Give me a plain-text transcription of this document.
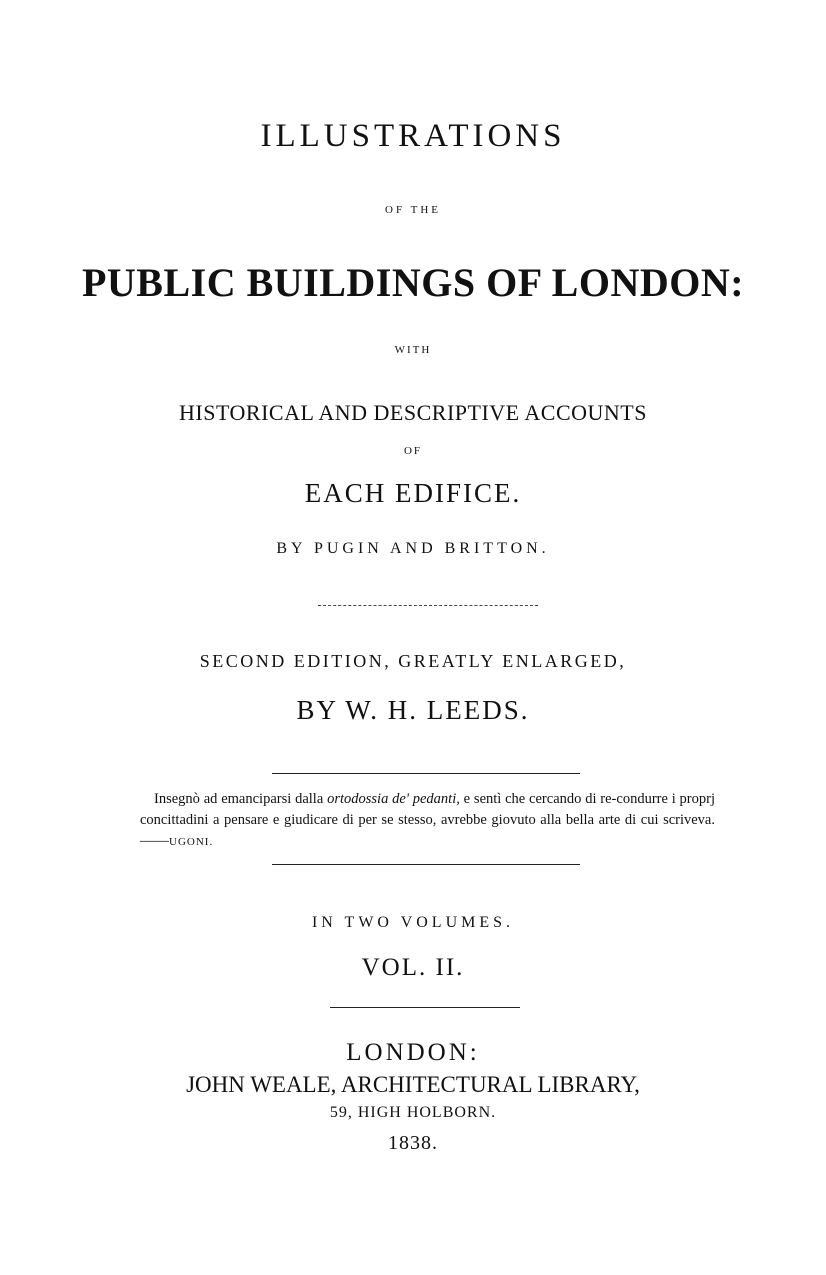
ILLUSTRATIONS
OF THE
PUBLIC BUILDINGS OF LONDON:
WITH
HISTORICAL AND DESCRIPTIVE ACCOUNTS
OF
EACH EDIFICE.
BY PUGIN AND BRITTON.
SECOND EDITION, GREATLY ENLARGED,
BY W. H. LEEDS.
Insegnò ad emanciparsi dalla ortodossia de' pedanti, e sentì che cercando di re-condurre i proprj concittadini a pensare e giudicare di per se stesso, avrebbe giovuto alla bella arte di cui scriveva.——UGONI.
IN TWO VOLUMES.
VOL. II.
LONDON:
JOHN WEALE, ARCHITECTURAL LIBRARY,
59, HIGH HOLBORN.
1838.
